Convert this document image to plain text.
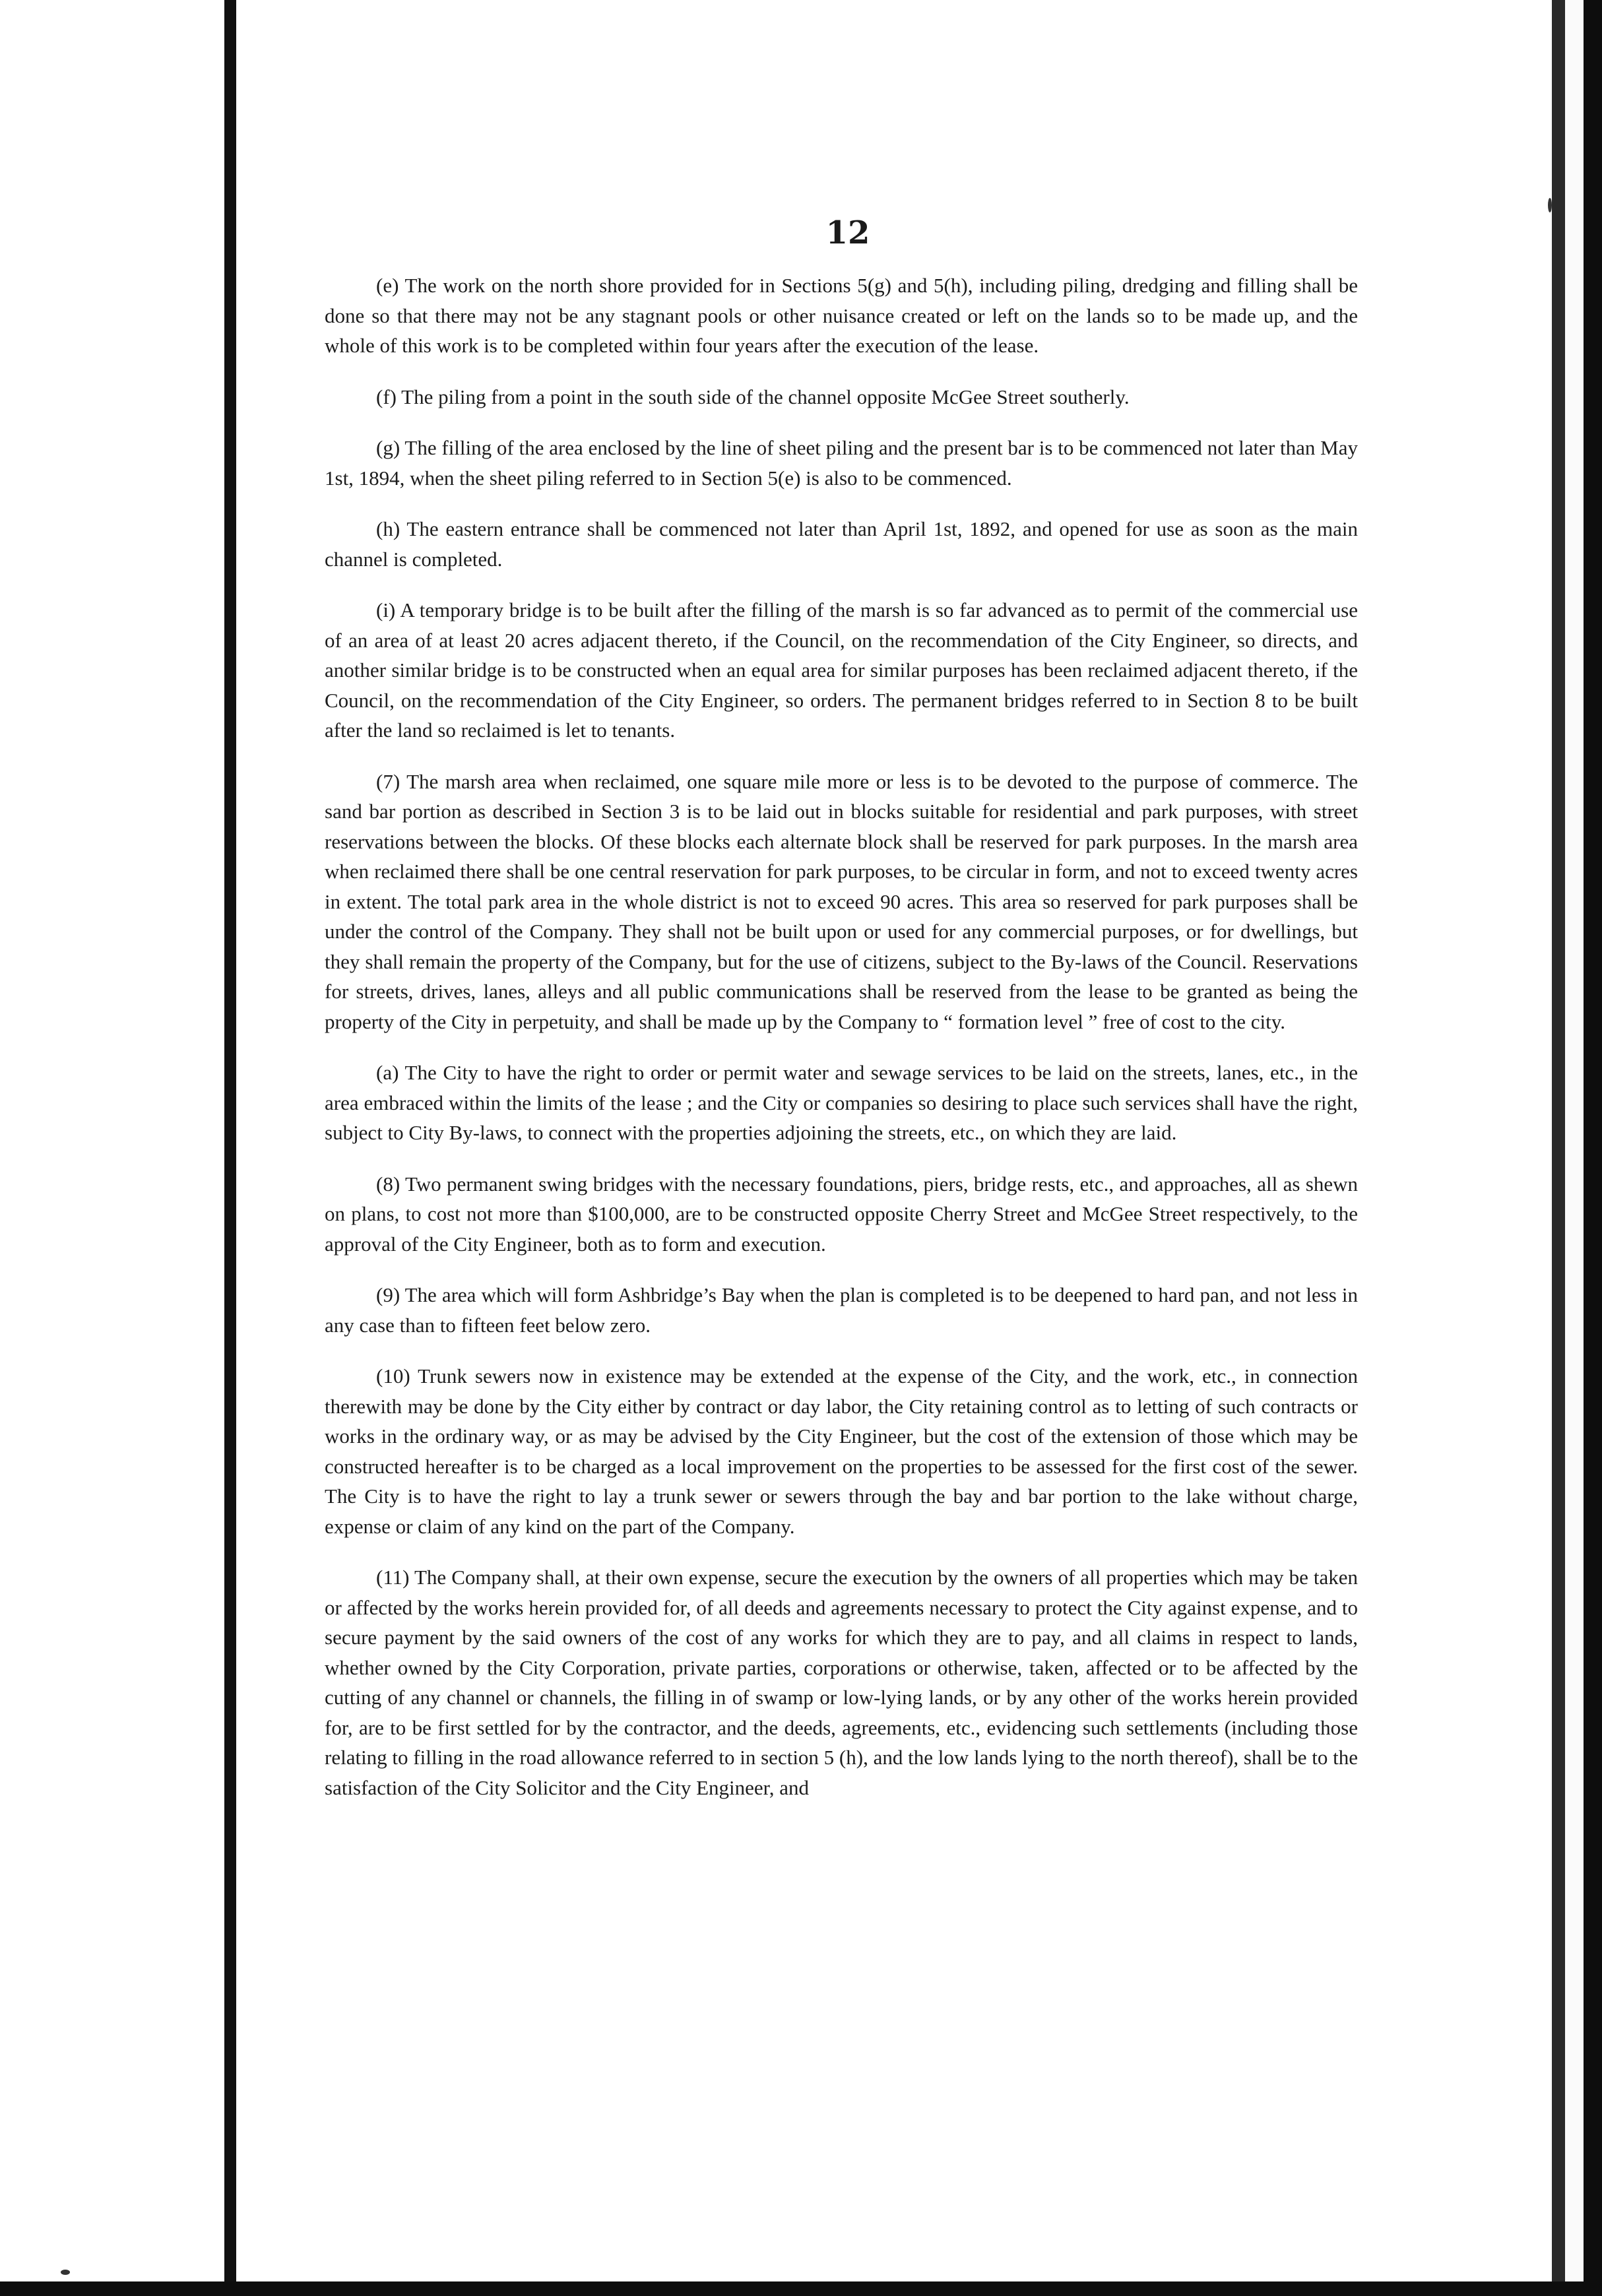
12

(e) The work on the north shore provided for in Sections 5(g) and 5(h), including piling, dredging and filling shall be done so that there may not be any stagnant pools or other nuisance created or left on the lands so to be made up, and the whole of this work is to be completed within four years after the execution of the lease.

(f) The piling from a point in the south side of the channel opposite McGee Street southerly.

(g) The filling of the area enclosed by the line of sheet piling and the present bar is to be commenced not later than May 1st, 1894, when the sheet piling referred to in Section 5(e) is also to be commenced.

(h) The eastern entrance shall be commenced not later than April 1st, 1892, and opened for use as soon as the main channel is completed.

(i) A temporary bridge is to be built after the filling of the marsh is so far advanced as to permit of the commercial use of an area of at least 20 acres adjacent thereto, if the Council, on the recommendation of the City Engineer, so directs, and another similar bridge is to be constructed when an equal area for similar purposes has been reclaimed adjacent thereto, if the Council, on the recommendation of the City Engineer, so orders. The permanent bridges referred to in Section 8 to be built after the land so reclaimed is let to tenants.

(7) The marsh area when reclaimed, one square mile more or less is to be devoted to the purpose of commerce. The sand bar portion as described in Section 3 is to be laid out in blocks suitable for residential and park purposes, with street reservations between the blocks. Of these blocks each alternate block shall be reserved for park purposes. In the marsh area when reclaimed there shall be one central reservation for park purposes, to be circular in form, and not to exceed twenty acres in extent. The total park area in the whole district is not to exceed 90 acres. This area so reserved for park purposes shall be under the control of the Company. They shall not be built upon or used for any commercial purposes, or for dwellings, but they shall remain the property of the Company, but for the use of citizens, subject to the By-laws of the Council. Reservations for streets, drives, lanes, alleys and all public communications shall be reserved from the lease to be granted as being the property of the City in perpetuity, and shall be made up by the Company to “ formation level ” free of cost to the city.

(a) The City to have the right to order or permit water and sewage services to be laid on the streets, lanes, etc., in the area embraced within the limits of the lease ; and the City or companies so desiring to place such services shall have the right, subject to City By-laws, to connect with the properties adjoining the streets, etc., on which they are laid.

(8) Two permanent swing bridges with the necessary foundations, piers, bridge rests, etc., and approaches, all as shewn on plans, to cost not more than $100,000, are to be constructed opposite Cherry Street and McGee Street respectively, to the approval of the City Engineer, both as to form and execution.

(9) The area which will form Ashbridge’s Bay when the plan is completed is to be deepened to hard pan, and not less in any case than to fifteen feet below zero.

(10) Trunk sewers now in existence may be extended at the expense of the City, and the work, etc., in connection therewith may be done by the City either by contract or day labor, the City retaining control as to letting of such contracts or works in the ordinary way, or as may be advised by the City Engineer, but the cost of the extension of those which may be constructed hereafter is to be charged as a local improvement on the properties to be assessed for the first cost of the sewer. The City is to have the right to lay a trunk sewer or sewers through the bay and bar portion to the lake without charge, expense or claim of any kind on the part of the Company.

(11) The Company shall, at their own expense, secure the execution by the owners of all properties which may be taken or affected by the works herein provided for, of all deeds and agreements necessary to protect the City against expense, and to secure payment by the said owners of the cost of any works for which they are to pay, and all claims in respect to lands, whether owned by the City Corporation, private parties, corporations or otherwise, taken, affected or to be affected by the cutting of any channel or channels, the filling in of swamp or low-lying lands, or by any other of the works herein provided for, are to be first settled for by the contractor, and the deeds, agreements, etc., evidencing such settlements (including those relating to filling in the road allowance referred to in section 5 (h), and the low lands lying to the north thereof), shall be to the satisfaction of the City Solicitor and the City Engineer, and
